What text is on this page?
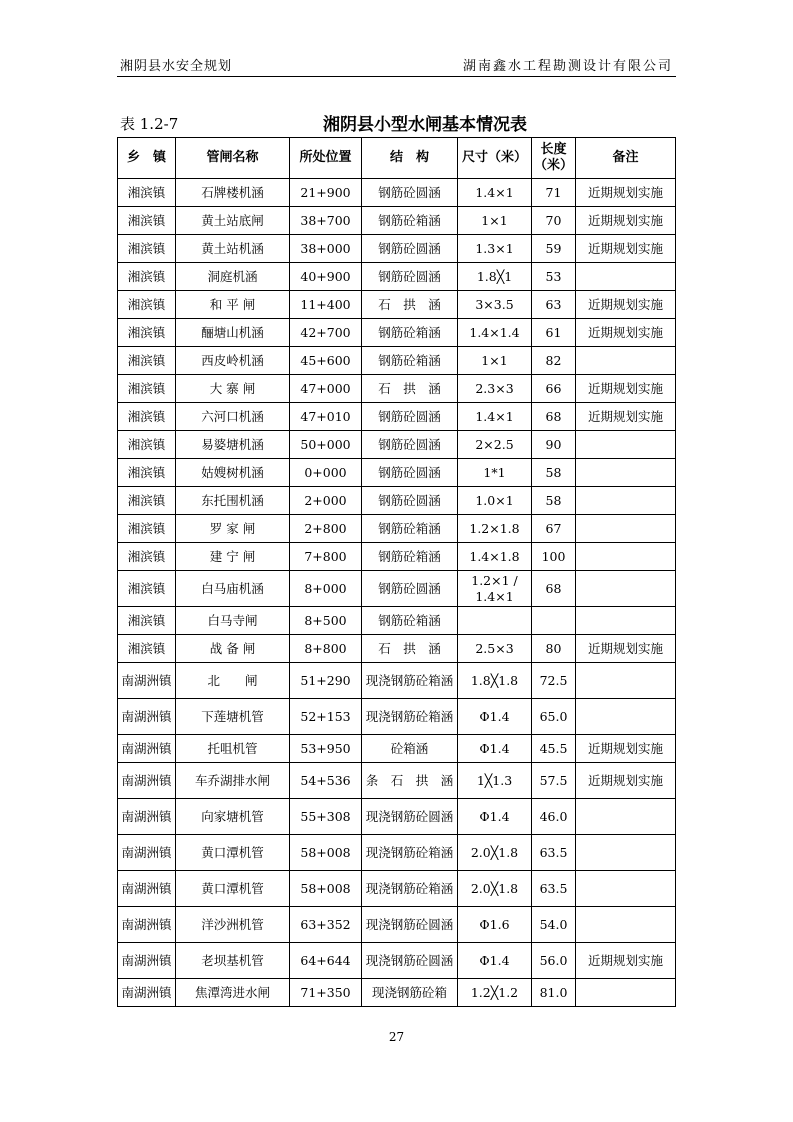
湘阴县水安全规划	湖南鑫水工程勘测设计有限公司
表 1.2-7	湘阴县小型水闸基本情况表
乡　镇	管闸名称	所处位置	结　构	尺寸（米）	长度（米）	备注
湘滨镇	石牌楼机涵	21+900	钢筋砼圆涵	1.4×1	71	近期规划实施
湘滨镇	黄土站底闸	38+700	钢筋砼箱涵	1×1	70	近期规划实施
湘滨镇	黄土站机涵	38+000	钢筋砼圆涵	1.3×1	59	近期规划实施
湘滨镇	洞庭机涵	40+900	钢筋砼圆涵	1.8╳1	53	
湘滨镇	和 平 闸	11+400	石　拱　涵	3×3.5	63	近期规划实施
湘滨镇	酾塘山机涵	42+700	钢筋砼箱涵	1.4×1.4	61	近期规划实施
湘滨镇	西皮岭机涵	45+600	钢筋砼箱涵	1×1	82	
湘滨镇	大 寨 闸	47+000	石　拱　涵	2.3×3	66	近期规划实施
湘滨镇	六河口机涵	47+010	钢筋砼圆涵	1.4×1	68	近期规划实施
湘滨镇	易婆塘机涵	50+000	钢筋砼圆涵	2×2.5	90	
湘滨镇	姑嫂树机涵	0+000	钢筋砼圆涵	1*1	58	
湘滨镇	东托围机涵	2+000	钢筋砼圆涵	1.0×1	58	
湘滨镇	罗 家 闸	2+800	钢筋砼箱涵	1.2×1.8	67	
湘滨镇	建 宁 闸	7+800	钢筋砼箱涵	1.4×1.8	100	
湘滨镇	白马庙机涵	8+000	钢筋砼圆涵	1.2×1 / 1.4×1	68	
湘滨镇	白马寺闸	8+500	钢筋砼箱涵			
湘滨镇	战 备 闸	8+800	石　拱　涵	2.5×3	80	近期规划实施
南湖洲镇	北　　闸	51+290	现浇钢筋砼箱涵	1.8╳1.8	72.5	
南湖洲镇	下莲塘机管	52+153	现浇钢筋砼箱涵	Φ1.4	65.0	
南湖洲镇	托咀机管	53+950	砼箱涵	Φ1.4	45.5	近期规划实施
南湖洲镇	车乔湖排水闸	54+536	条　石　拱　涵	1╳1.3	57.5	近期规划实施
南湖洲镇	向家塘机管	55+308	现浇钢筋砼圆涵	Φ1.4	46.0	
南湖洲镇	黄口潭机管	58+008	现浇钢筋砼箱涵	2.0╳1.8	63.5	
南湖洲镇	黄口潭机管	58+008	现浇钢筋砼箱涵	2.0╳1.8	63.5	
南湖洲镇	洋沙洲机管	63+352	现浇钢筋砼圆涵	Φ1.6	54.0	
南湖洲镇	老坝基机管	64+644	现浇钢筋砼圆涵	Φ1.4	56.0	近期规划实施
南湖洲镇	焦潭湾进水闸	71+350	现浇钢筋砼箱	1.2╳1.2	81.0	
27
